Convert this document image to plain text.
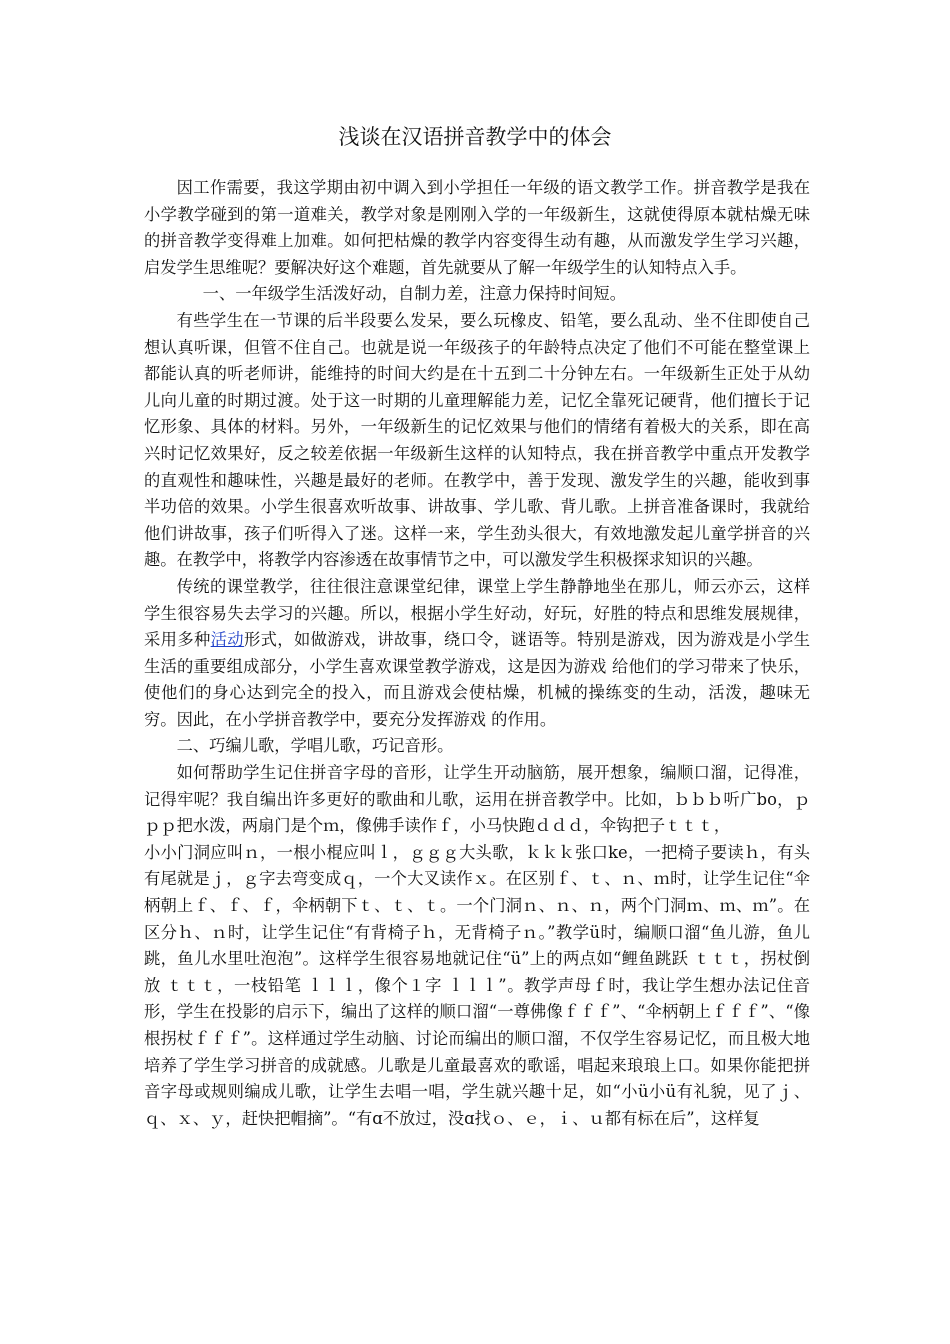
浅谈在汉语拼音教学中的体会

因工作需要，我这学期由初中调入到小学担任一年级的语文教学工作。拼音教学是我在小学教学碰到的第一道难关，教学对象是刚刚入学的一年级新生，这就使得原本就枯燥无味的拼音教学变得难上加难。如何把枯燥的教学内容变得生动有趣，从而激发学生学习兴趣，启发学生思维呢？要解决好这个难题，首先就要从了解一年级学生的认知特点入手。

一、一年级学生活泼好动，自制力差，注意力保持时间短。

有些学生在一节课的后半段要么发呆，要么玩橡皮、铅笔，要么乱动、坐不住即使自己想认真听课，但管不住自己。也就是说一年级孩子的年龄特点决定了他们不可能在整堂课上都能认真的听老师讲，能维持的时间大约是在十五到二十分钟左右。一年级新生正处于从幼儿向儿童的时期过渡。处于这一时期的儿童理解能力差，记忆全靠死记硬背，他们擅长于记忆形象、具体的材料。另外，一年级新生的记忆效果与他们的情绪有着极大的关系，即在高兴时记忆效果好，反之较差依据一年级新生这样的认知特点，我在拼音教学中重点开发教学的直观性和趣味性，兴趣是最好的老师。在教学中，善于发现、激发学生的兴趣，能收到事半功倍的效果。小学生很喜欢听故事、讲故事、学儿歌、背儿歌。上拼音准备课时，我就给他们讲故事，孩子们听得入了迷。这样一来，学生劲头很大，有效地激发起儿童学拼音的兴趣。在教学中，将教学内容渗透在故事情节之中，可以激发学生积极探求知识的兴趣。

传统的课堂教学，往往很注意课堂纪律，课堂上学生静静地坐在那儿，师云亦云，这样学生很容易失去学习的兴趣。所以，根据小学生好动，好玩，好胜的特点和思维发展规律，采用多种活动形式，如做游戏，讲故事，绕口令，谜语等。特别是游戏，因为游戏是小学生生活的重要组成部分，小学生喜欢课堂教学游戏，这是因为游戏 给他们的学习带来了快乐，使他们的身心达到完全的投入，而且游戏会使枯燥，机械的操练变的生动，活泼，趣味无穷。因此，在小学拼音教学中，要充分发挥游戏 的作用。

二、巧编儿歌，学唱儿歌，巧记音形。

如何帮助学生记住拼音字母的音形，让学生开动脑筋，展开想象，编顺口溜，记得准，记得牢呢？我自编出许多更好的歌曲和儿歌，运用在拼音教学中。比如，ｂｂｂ听广bo，ｐｐｐ把水泼，两扇门是个ｍ，像佛手读作ｆ，小马快跑ｄｄｄ，伞钩把子ｔｔｔ，

小小门洞应叫ｎ，一根小棍应叫ｌ，ｇｇｇ大头歌，ｋｋｋ张口ke，一把椅子要读ｈ，有头有尾就是ｊ，ｇ字去弯变成ｑ，一个大叉读作ｘ。在区别ｆ、ｔ、ｎ、ｍ时，让学生记住“伞柄朝上ｆ、ｆ、ｆ，伞柄朝下ｔ、ｔ、ｔ。一个门洞ｎ、ｎ、ｎ，两个门洞ｍ、ｍ、ｍ”。在区分ｈ、ｎ时，让学生记住“有背椅子ｈ，无背椅子ｎ。”教学ü时，编顺口溜“鱼儿游，鱼儿跳，鱼儿水里吐泡泡”。这样学生很容易地就记住“ü”上的两点如“鲤鱼跳跃 ｔｔｔ，拐杖倒放 ｔｔｔ，一枝铅笔 ｌｌｌ，像个１字 ｌｌｌ”。教学声母ｆ时，我让学生想办法记住音形，学生在投影的启示下，编出了这样的顺口溜“一尊佛像ｆｆｆ”、“伞柄朝上ｆｆｆ”、“像根拐杖ｆｆｆ”。这样通过学生动脑、讨论而编出的顺口溜，不仅学生容易记忆，而且极大地培养了学生学习拼音的成就感。儿歌是儿童最喜欢的歌谣，唱起来琅琅上口。如果你能把拼音字母或规则编成儿歌，让学生去唱一唱，学生就兴趣十足，如“小ü小ü有礼貌，见了ｊ、ｑ、ｘ、ｙ，赶快把帽摘”。“有ɑ不放过，没ɑ找ｏ、ｅ，ｉ、ｕ都有标在后”，这样复
